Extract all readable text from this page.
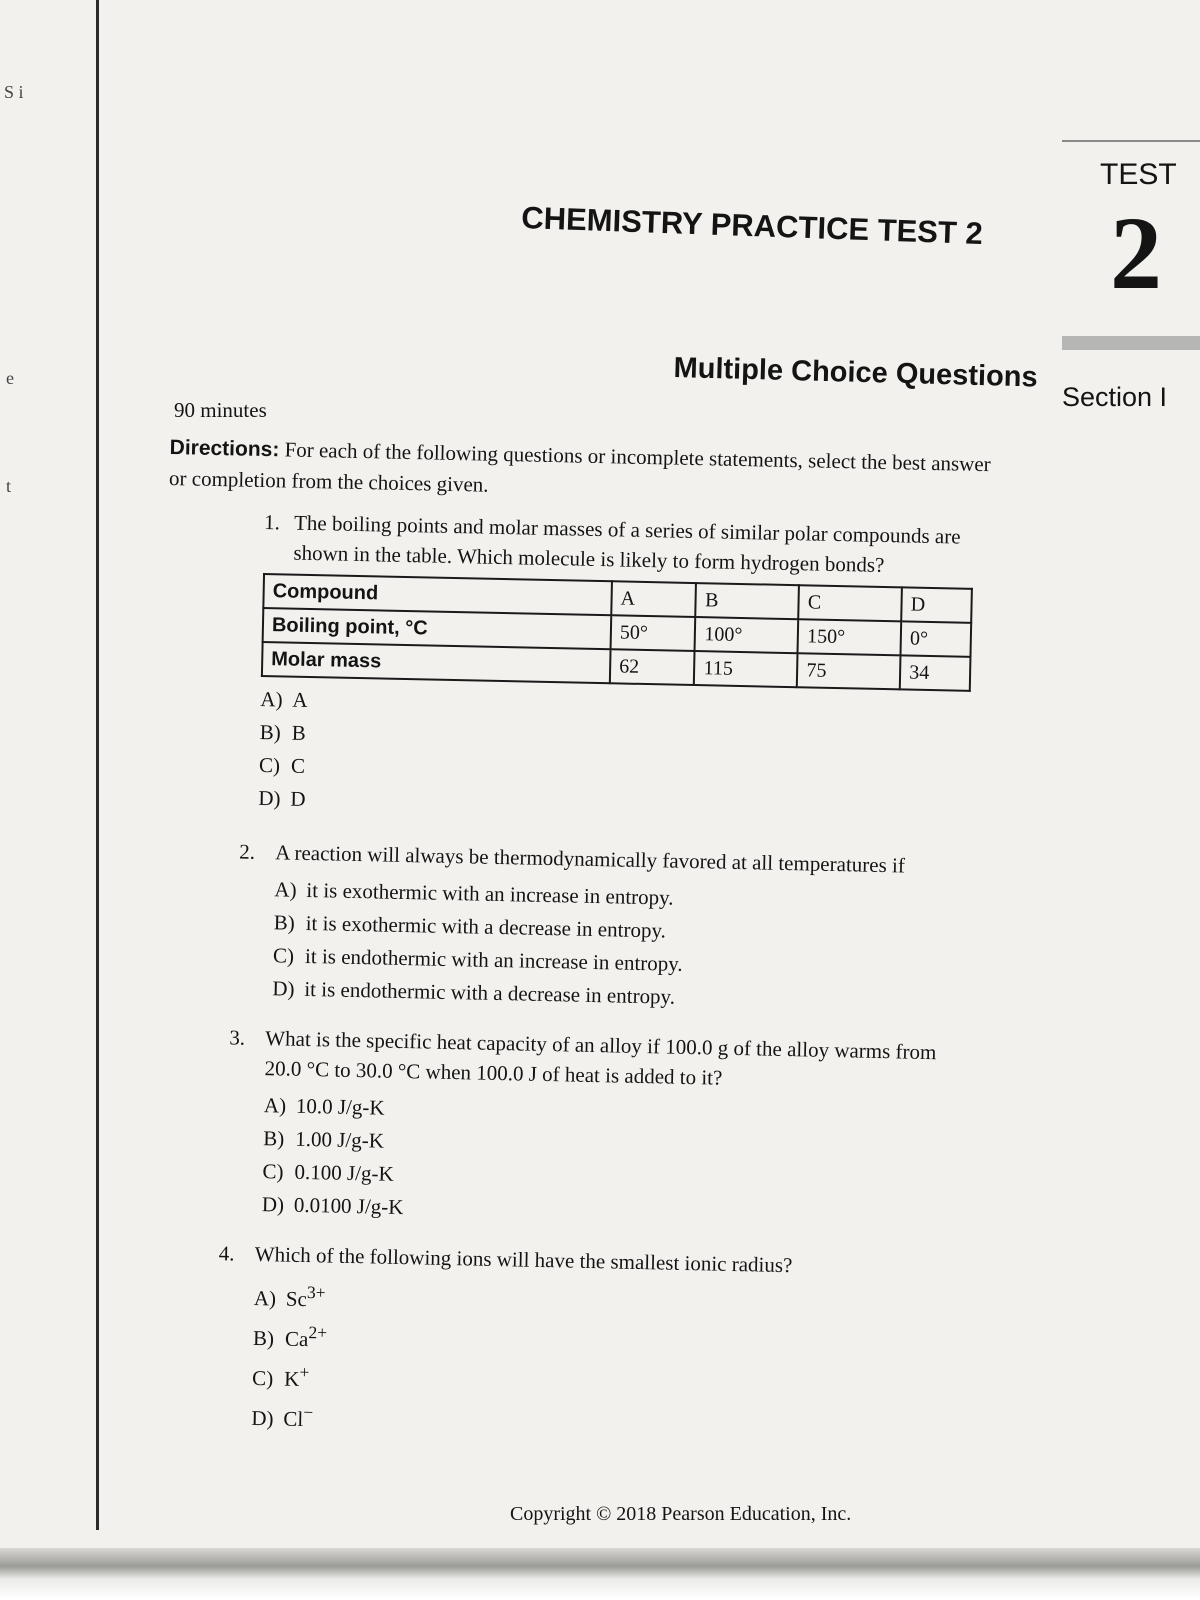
S i
e
t
TEST
2
CHEMISTRY PRACTICE TEST 2
Multiple Choice Questions
Section I
90 minutes

Directions: For each of the following questions or incomplete statements, select the best answer or completion from the choices given.

1. The boiling points and molar masses of a series of similar polar compounds are shown in the table. Which molecule is likely to form hydrogen bonds?
Compound	A	B	C	D
Boiling point, °C	50°	100°	150°	0°
Molar mass	62	115	75	34
A) A
B) B
C) C
D) D
2. A reaction will always be thermodynamically favored at all temperatures if
A) it is exothermic with an increase in entropy.
B) it is exothermic with a decrease in entropy.
C) it is endothermic with an increase in entropy.
D) it is endothermic with a decrease in entropy.
3. What is the specific heat capacity of an alloy if 100.0 g of the alloy warms from 20.0 °C to 30.0 °C when 100.0 J of heat is added to it?
A) 10.0 J/g-K
B) 1.00 J/g-K
C) 0.100 J/g-K
D) 0.0100 J/g-K
4. Which of the following ions will have the smallest ionic radius?
A) $Sc^{3+}$
B) $Ca^{2+}$
C) K+
D) Cl−
Copyright © 2018 Pearson Education, Inc.
